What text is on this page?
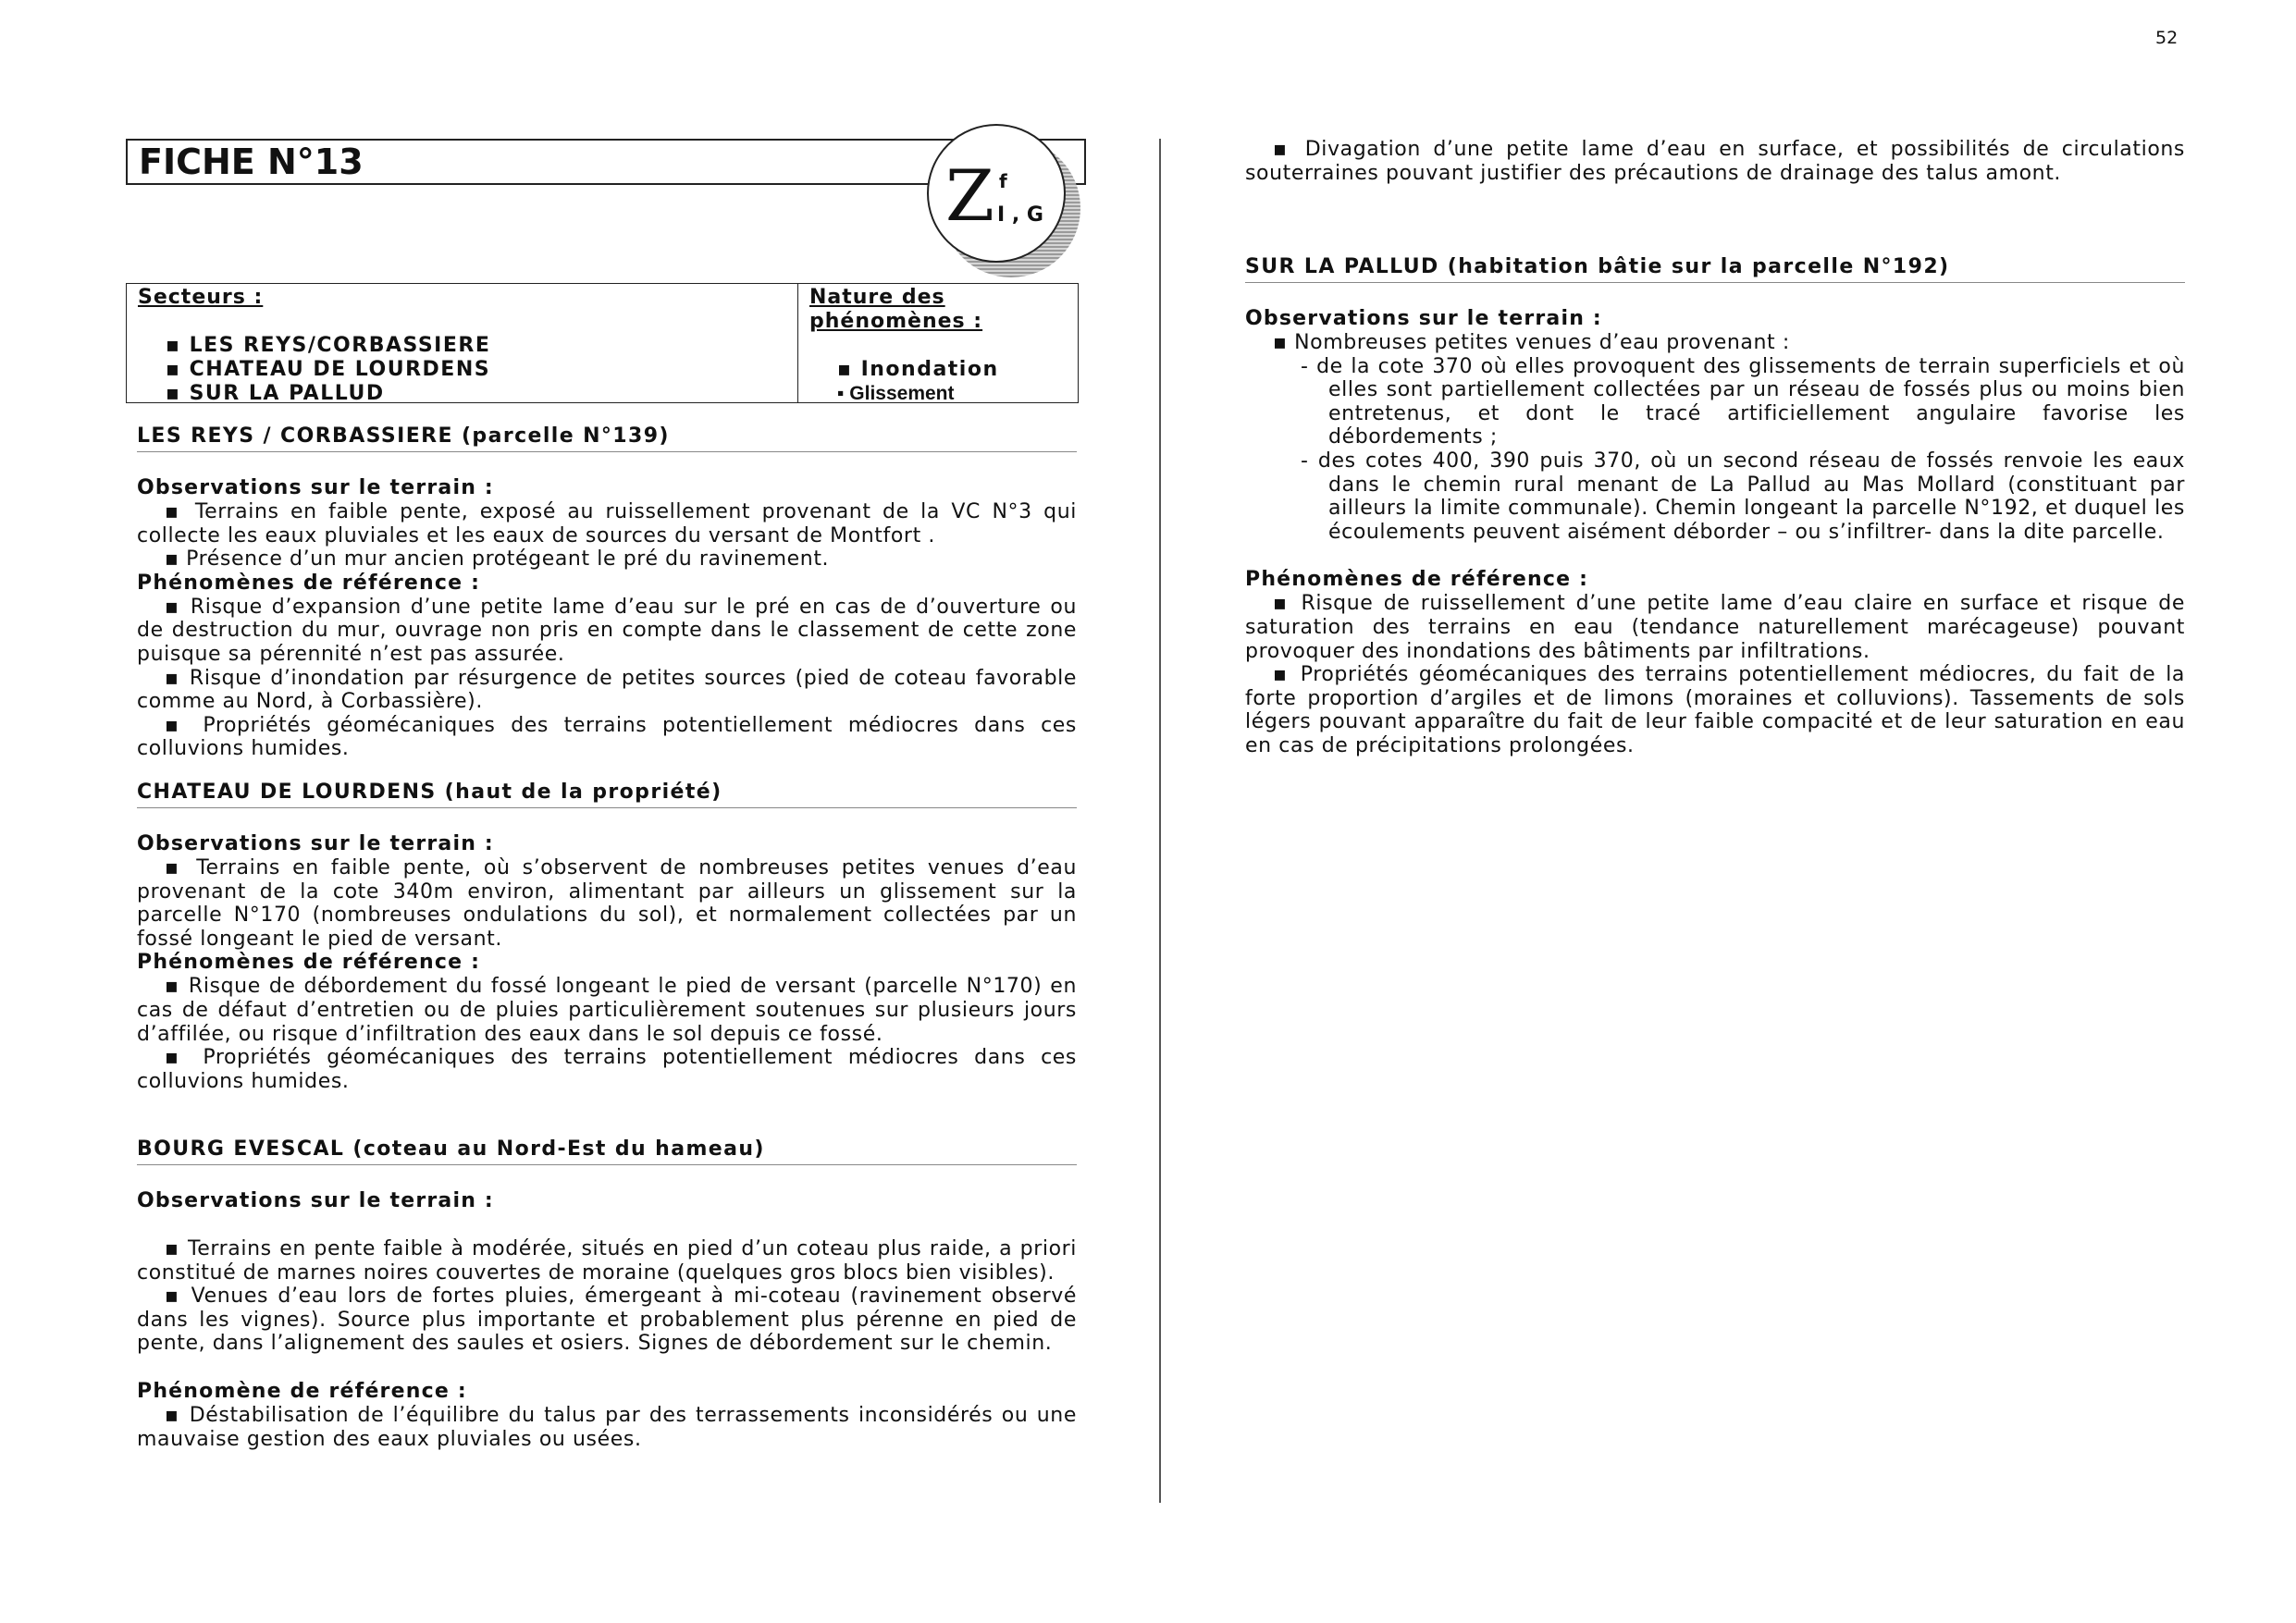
52
FICHE N°13	Z f
I , G
Secteurs :
▪ LES REYS/CORBASSIERE
▪ CHATEAU DE LOURDENS
▪ SUR LA PALLUD
Nature des
phénomènes :
▪ Inondation
▪ Glissement
LES REYS / CORBASSIERE (parcelle N°139)
Observations sur le terrain :
▪ Terrains en faible pente, exposé au ruissellement provenant de la VC N°3 qui collecte les eaux pluviales et les eaux de sources du versant de Montfort .
▪ Présence d’un mur ancien protégeant le pré du ravinement.
Phénomènes de référence :
▪ Risque d’expansion d’une petite lame d’eau sur le pré en cas de d’ouverture ou de destruction du mur, ouvrage non pris en compte dans le classement de cette zone puisque sa pérennité n’est pas assurée.
▪ Risque d’inondation par résurgence de petites sources (pied de coteau favorable comme au Nord, à Corbassière).
▪ Propriétés géomécaniques des terrains potentiellement médiocres dans ces colluvions humides.
CHATEAU DE LOURDENS (haut de la propriété)
Observations sur le terrain :
▪ Terrains en faible pente, où s’observent de nombreuses petites venues d’eau provenant de la cote 340m environ, alimentant par ailleurs un glissement sur la parcelle N°170 (nombreuses ondulations du sol), et normalement collectées par un fossé longeant le pied de versant.
Phénomènes de référence :
▪ Risque de débordement du fossé longeant le pied de versant (parcelle N°170) en cas de défaut d’entretien ou de pluies particulièrement soutenues sur plusieurs jours d’affilée, ou risque d’infiltration des eaux dans le sol depuis ce fossé.
▪ Propriétés géomécaniques des terrains potentiellement médiocres dans ces colluvions humides.
BOURG EVESCAL (coteau au Nord-Est du hameau)
Observations sur le terrain :
▪ Terrains en pente faible à modérée, situés en pied d’un coteau plus raide, a priori constitué de marnes noires couvertes de moraine (quelques gros blocs bien visibles).
▪ Venues d’eau lors de fortes pluies, émergeant à mi-coteau (ravinement observé dans les vignes). Source plus importante et probablement plus pérenne en pied de pente, dans l’alignement des saules et osiers. Signes de débordement sur le chemin.
Phénomène de référence :
▪ Déstabilisation de l’équilibre du talus par des terrassements inconsidérés ou une mauvaise gestion des eaux pluviales ou usées.
▪ Divagation d’une petite lame d’eau en surface, et possibilités de circulations souterraines pouvant justifier des précautions de drainage des talus amont.
SUR LA PALLUD (habitation bâtie sur la parcelle N°192)
Observations sur le terrain :
▪ Nombreuses petites venues d’eau provenant :
- de la cote 370 où elles provoquent des glissements de terrain superficiels et où elles sont partiellement collectées par un réseau de fossés plus ou moins bien entretenus, et dont le tracé artificiellement angulaire favorise les débordements ;
- des cotes 400, 390 puis 370, où un second réseau de fossés renvoie les eaux dans le chemin rural menant de La Pallud au Mas Mollard (constituant par ailleurs la limite communale). Chemin longeant la parcelle N°192, et duquel les écoulements peuvent aisément déborder – ou s’infiltrer- dans la dite parcelle.
Phénomènes de référence :
▪ Risque de ruissellement d’une petite lame d’eau claire en surface et risque de saturation des terrains en eau (tendance naturellement marécageuse) pouvant provoquer des inondations des bâtiments par infiltrations.
▪ Propriétés géomécaniques des terrains potentiellement médiocres, du fait de la forte proportion d’argiles et de limons (moraines et colluvions). Tassements de sols légers pouvant apparaître du fait de leur faible compacité et de leur saturation en eau en cas de précipitations prolongées.
